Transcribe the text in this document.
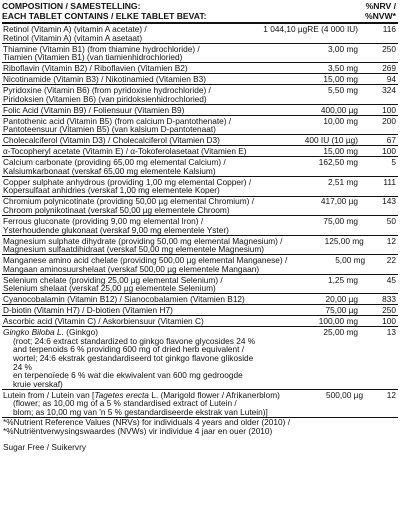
COMPOSITION / SAMESTELLING:
EACH TABLET CONTAINS / ELKE TABLET BEVAT:
%NRV /
%NVW*
Retinol (Vitamin A) (vitamin A acetate) /
Retinol (Vitamin A) (vitamin A asetaat)
1 044,10 µgRE (4 000 IU)	116
Thiamine (Vitamin B1) (from thiamine hydrochloride) /
Tiamien (Vitamien B1) (van tiamienhidrochloried)
3,00 mg	250
Riboflavin (Vitamin B2) / Riboflavien (Vitamien B2)	3,50 mg	269
Nicotinamide (Vitamin B3) / Nikotinamied (Vitamien B3)	15,00 mg	94
Pyridoxine (Vitamin B6) (from pyridoxine hydrochloride) /
Piridoksien (Vitamien B6) (van piridoksienhidrochloried)
5,50 mg	324
Folic Acid (Vitamin B9) / Foliensuur (Vitamien B9)	400,00 µg	100
Pantothenic acid (Vitamin B5) (from calcium D-pantothenate) /
Pantoteensuur (Vitamien B5) (van kalsium D-pantotenaat)
10,00 mg	200
Cholecalciferol (Vitamin D3) / Cholecalciferol (Vitamien D3)	400 IU (10 µg)	67
α-Tocopheryl acetate (Vitamin E) / α-Tokoferolasetaat (Vitamien E)	15,00 mg	100
Calcium carbonate (providing 65,00 mg elemental Calcium) /
Kalsiumkarbonaat (verskaf 65,00 mg elementele Kalsium)
162,50 mg	5
Copper sulphate anhydrous (providing 1,00 mg elemental Copper) /
Kopersulfaat anhidries (verskaf 1,00 mg elementele Koper)
2,51 mg	111
Chromium polynicotinate (providing 50,00 µg elemental Chromium) /
Chroom polynikotinaat (verskaf 50,00 µg elementele Chroom)
417,00 µg	143
Ferrous gluconate (providing 9,00 mg elemental Iron) /
Ysterhoudende glukonaat (verskaf 9,00 mg elementele Yster)
75,00 mg	50
Magnesium sulphate dihydrate (providing 50,00 mg elemental Magnesium) /
Magnesium sulfaatdihidraat (verskaf 50,00 mg elementele Magnesium)
125,00 mg	12
Manganese amino acid chelate (providing 500,00 µg elemental Manganese) /
Mangaan aminosuurshelaat (verskaf 500,00 µg elementele Mangaan)
5,00 mg	22
Selenium chelate (providing 25,00 µg elemental Selenium) /
Selenium shelaat (verskaf 25,00 µg elementele Selenium)
1,25 mg	45
Cyanocobalamin (Vitamin B12) / Sianocobalamien (Vitamien B12)	20,00 µg	833
D-biotin (Vitamin H7) / D-biotien (Vitamien H7)	75,00 µg	250
Ascorbic acid (Vitamin C) / Askorbiensuur (Vitamien C)	100,00 mg	100
Gingko Biloba L. (Ginkgo)
(root; 24:6 extract standardized to ginkgo flavone glycosides 24 %
and terpenoids 6 % providing 600 mg of dried herb equivalent /
wortel; 24:6 ekstrak gestandardiseerd tot ginkgo flavone glikoside 24 %
en terpenoïede 6 % wat die ekwivalent van 600 mg gedroogde kruie verskaf)
25,00 mg	13
Lutein from / Lutein van [Tagetes erecta L. (Marigold flower / Afrikanerblom)
(flower; as 10,00 mg of a 5 % standardised extract of Lutein /
blom; as 10,00 mg van 'n 5 % gestandardiseerde ekstrak van Lutein)]
500,00 µg	12
*%Nutrient Reference Values (NRVs) for individuals 4 years and older (2010) /
*%Nutriëntverwysingswaardes (NVWs) vir individue 4 jaar en ouer (2010)
Sugar Free / Suikervry
